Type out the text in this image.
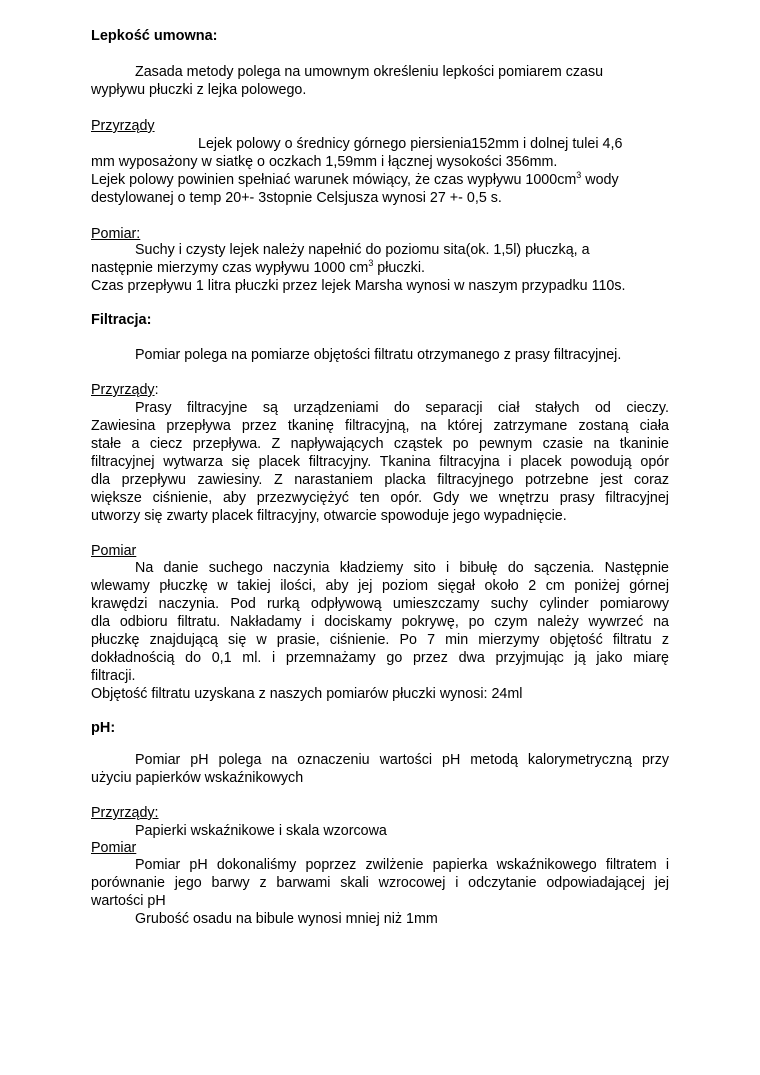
Lepkość umowna:
Zasada metody polega na umownym określeniu lepkości pomiarem czasu
wypływu płuczki z lejka polowego.
Przyrządy
Lejek polowy o średnicy górnego piersienia152mm i dolnej tulei 4,6
mm wyposażony w siatkę o oczkach 1,59mm i łącznej wysokości 356mm.
Lejek polowy powinien spełniać warunek mówiący, że czas wypływu $1000cm^3$ wody
destylowanej o temp 20+- 3stopnie Celsjusza wynosi 27 +- 0,5 s.
Pomiar:
Suchy i czysty lejek należy napełnić do poziomu sita(ok. 1,5l) płuczką, a
następnie mierzymy czas wypływu 1000 $cm^3$ płuczki.
Czas przepływu 1 litra płuczki przez lejek Marsha wynosi w naszym przypadku 110s.
Filtracja:
Pomiar polega na pomiarze objętości filtratu otrzymanego z prasy filtracyjnej.
Przyrządy:
Prasy filtracyjne są urządzeniami do separacji ciał stałych od cieczy.
Zawiesina przepływa przez tkaninę filtracyjną, na której zatrzymane zostaną ciała
stałe a ciecz przepływa. Z napływających cząstek po pewnym czasie na tkaninie
filtracyjnej wytwarza się placek filtracyjny. Tkanina filtracyjna i placek powodują opór
dla przepływu zawiesiny. Z narastaniem placka filtracyjnego potrzebne jest coraz
większe ciśnienie, aby przezwyciężyć ten opór. Gdy we wnętrzu prasy filtracyjnej
utworzy się zwarty placek filtracyjny, otwarcie spowoduje jego wypadnięcie.
Pomiar
Na danie suchego naczynia kładziemy sito i bibułę do sączenia. Następnie
wlewamy płuczkę w takiej ilości, aby jej poziom sięgał około 2 cm poniżej górnej
krawędzi naczynia. Pod rurką odpływową umieszczamy suchy cylinder pomiarowy
dla odbioru filtratu. Nakładamy i dociskamy pokrywę, po czym należy wywrzeć na
płuczkę znajdującą się w prasie, ciśnienie. Po 7 min mierzymy objętość filtratu z
dokładnością do 0,1 ml. i przemnażamy go przez dwa przyjmując ją jako miarę
filtracji.
Objętość filtratu uzyskana z naszych pomiarów płuczki wynosi: 24ml
pH:
Pomiar pH polega na oznaczeniu wartości pH metodą kalorymetryczną przy
użyciu papierków wskaźnikowych
Przyrządy:
Papierki wskaźnikowe i skala wzorcowa
Pomiar
Pomiar pH dokonaliśmy poprzez zwilżenie papierka wskaźnikowego filtratem i
porównanie jego barwy z barwami skali wzrocowej i odczytanie odpowiadającej jej
wartości pH
Grubość osadu na bibule wynosi mniej niż 1mm
